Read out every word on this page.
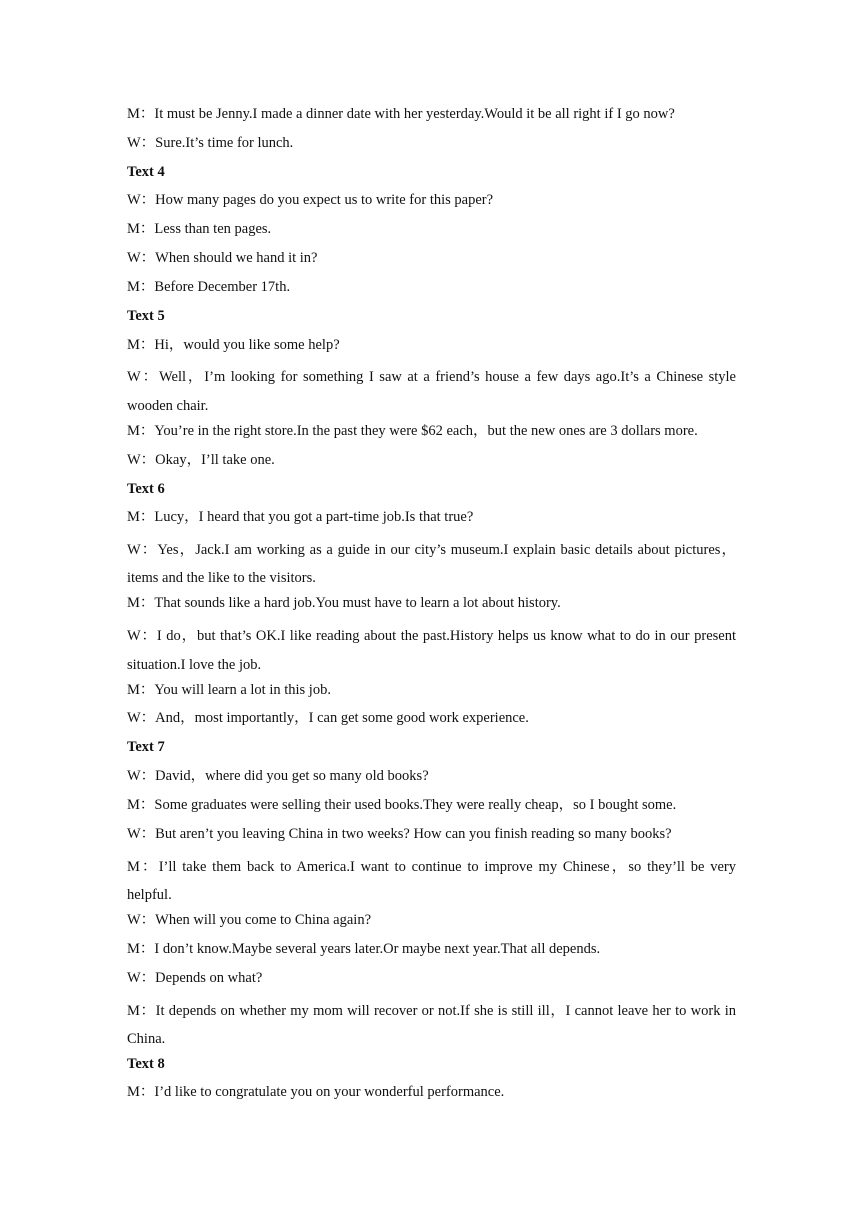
M：It must be Jenny.I made a dinner date with her yesterday.Would it be all right if I go now?
W：Sure.It’s time for lunch.
Text 4
W：How many pages do you expect us to write for this paper?
M：Less than ten pages.
W：When should we hand it in?
M：Before December 17th.
Text 5
M：Hi，would you like some help?
W：Well，I’m looking for something I saw at a friend’s house a few days ago.It’s a Chinese style wooden chair.
M：You’re in the right store.In the past they were $62 each，but the new ones are 3 dollars more.
W：Okay，I’ll take one.
Text 6
M：Lucy，I heard that you got a part-time job.Is that true?
W：Yes，Jack.I am working as a guide in our city’s museum.I explain basic details about pictures，items and the like to the visitors.
M：That sounds like a hard job.You must have to learn a lot about history.
W：I do，but that’s OK.I like reading about the past.History helps us know what to do in our present situation.I love the job.
M：You will learn a lot in this job.
W：And，most importantly，I can get some good work experience.
Text 7
W：David，where did you get so many old books?
M：Some graduates were selling their used books.They were really cheap，so I bought some.
W：But aren’t you leaving China in two weeks? How can you finish reading so many books?
M：I’ll take them back to America.I want to continue to improve my Chinese，so they’ll be very helpful.
W：When will you come to China again?
M：I don’t know.Maybe several years later.Or maybe next year.That all depends.
W：Depends on what?
M：It depends on whether my mom will recover or not.If she is still ill，I cannot leave her to work in China.
Text 8
M：I’d like to congratulate you on your wonderful performance.
